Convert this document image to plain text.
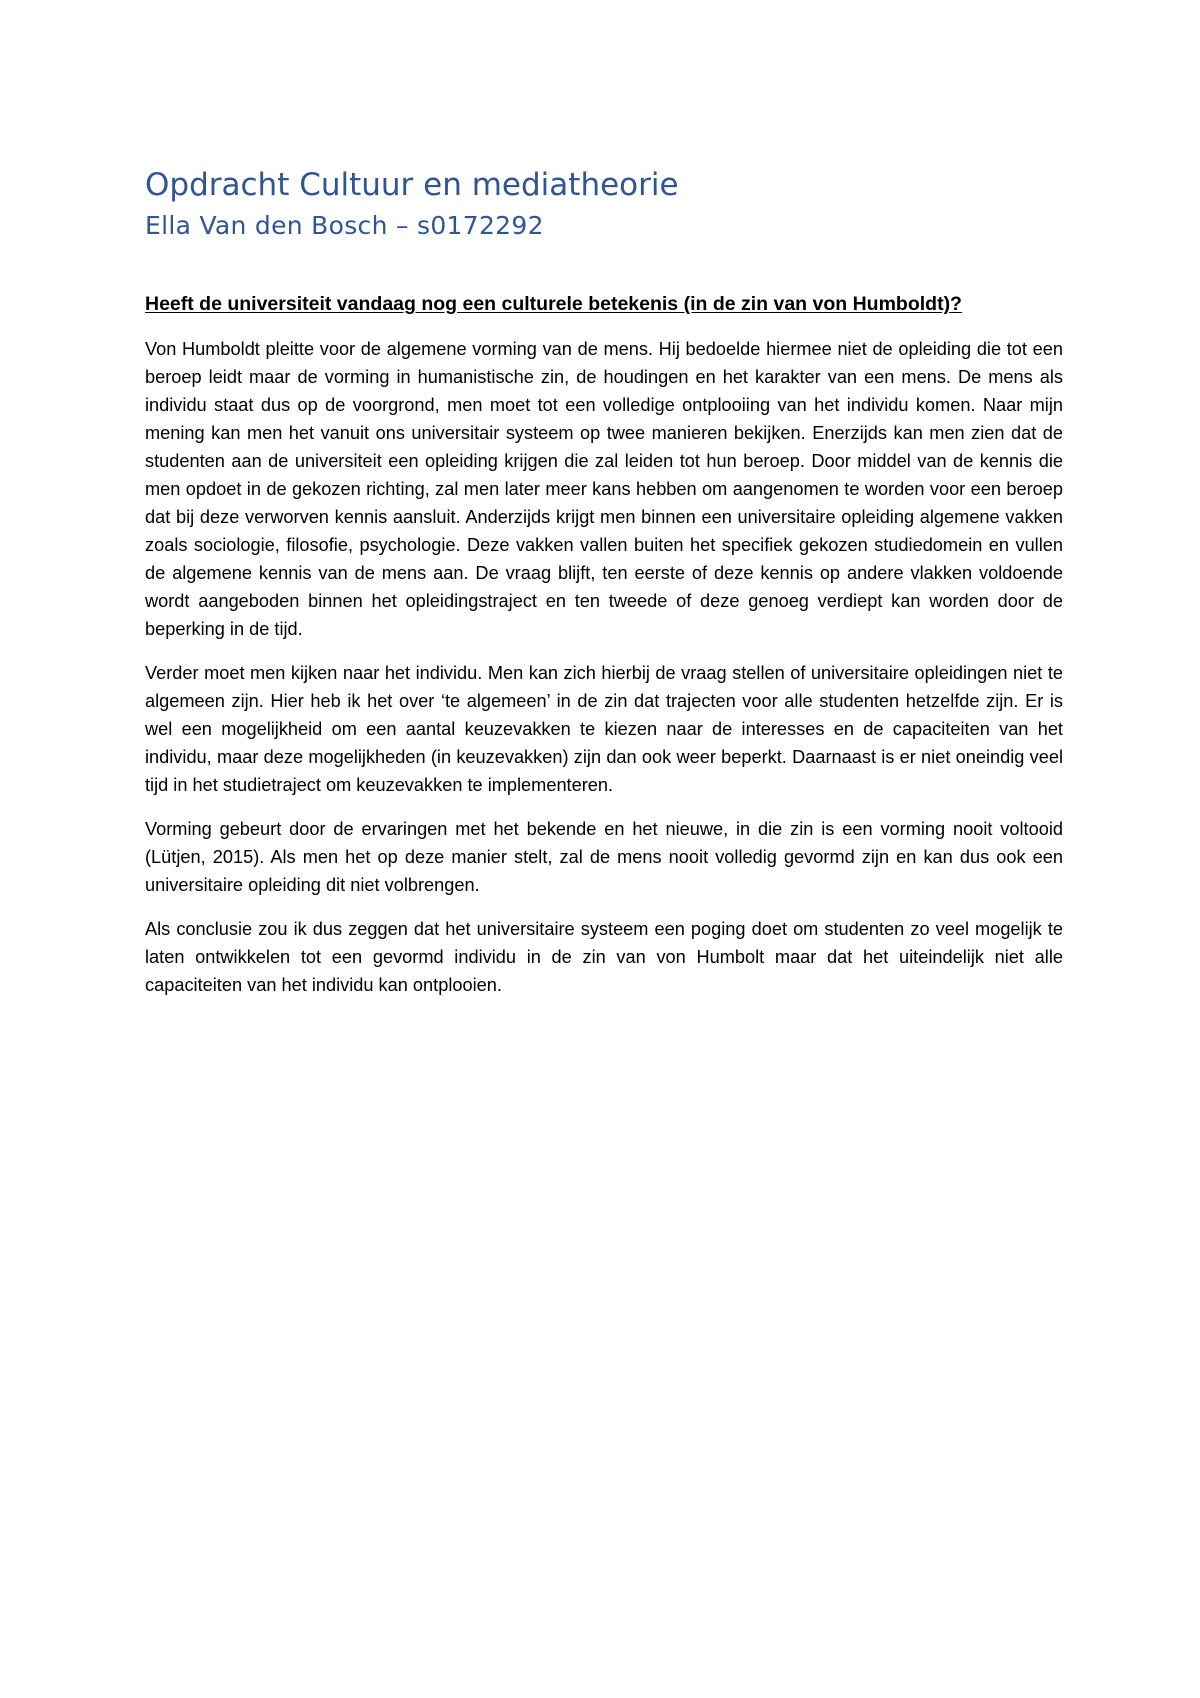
Opdracht Cultuur en mediatheorie
Ella Van den Bosch – s0172292
Heeft de universiteit vandaag nog een culturele betekenis (in de zin van von Humboldt)?

Von Humboldt pleitte voor de algemene vorming van de mens. Hij bedoelde hiermee niet de opleiding die tot een beroep leidt maar de vorming in humanistische zin, de houdingen en het karakter van een mens. De mens als individu staat dus op de voorgrond, men moet tot een volledige ontplooiing van het individu komen. Naar mijn mening kan men het vanuit ons universitair systeem op twee manieren bekijken. Enerzijds kan men zien dat de studenten aan de universiteit een opleiding krijgen die zal leiden tot hun beroep. Door middel van de kennis die men opdoet in de gekozen richting, zal men later meer kans hebben om aangenomen te worden voor een beroep dat bij deze verworven kennis aansluit. Anderzijds krijgt men binnen een universitaire opleiding algemene vakken zoals sociologie, filosofie, psychologie. Deze vakken vallen buiten het specifiek gekozen studiedomein en vullen de algemene kennis van de mens aan. De vraag blijft, ten eerste of deze kennis op andere vlakken voldoende wordt aangeboden binnen het opleidingstraject en ten tweede of deze genoeg verdiept kan worden door de beperking in de tijd.

Verder moet men kijken naar het individu. Men kan zich hierbij de vraag stellen of universitaire opleidingen niet te algemeen zijn. Hier heb ik het over ‘te algemeen’ in de zin dat trajecten voor alle studenten hetzelfde zijn. Er is wel een mogelijkheid om een aantal keuzevakken te kiezen naar de interesses en de capaciteiten van het individu, maar deze mogelijkheden (in keuzevakken) zijn dan ook weer beperkt. Daarnaast is er niet oneindig veel tijd in het studietraject om keuzevakken te implementeren.

Vorming gebeurt door de ervaringen met het bekende en het nieuwe, in die zin is een vorming nooit voltooid (Lütjen, 2015). Als men het op deze manier stelt, zal de mens nooit volledig gevormd zijn en kan dus ook een universitaire opleiding dit niet volbrengen.

Als conclusie zou ik dus zeggen dat het universitaire systeem een poging doet om studenten zo veel mogelijk te laten ontwikkelen tot een gevormd individu in de zin van von Humbolt maar dat het uiteindelijk niet alle capaciteiten van het individu kan ontplooien.
